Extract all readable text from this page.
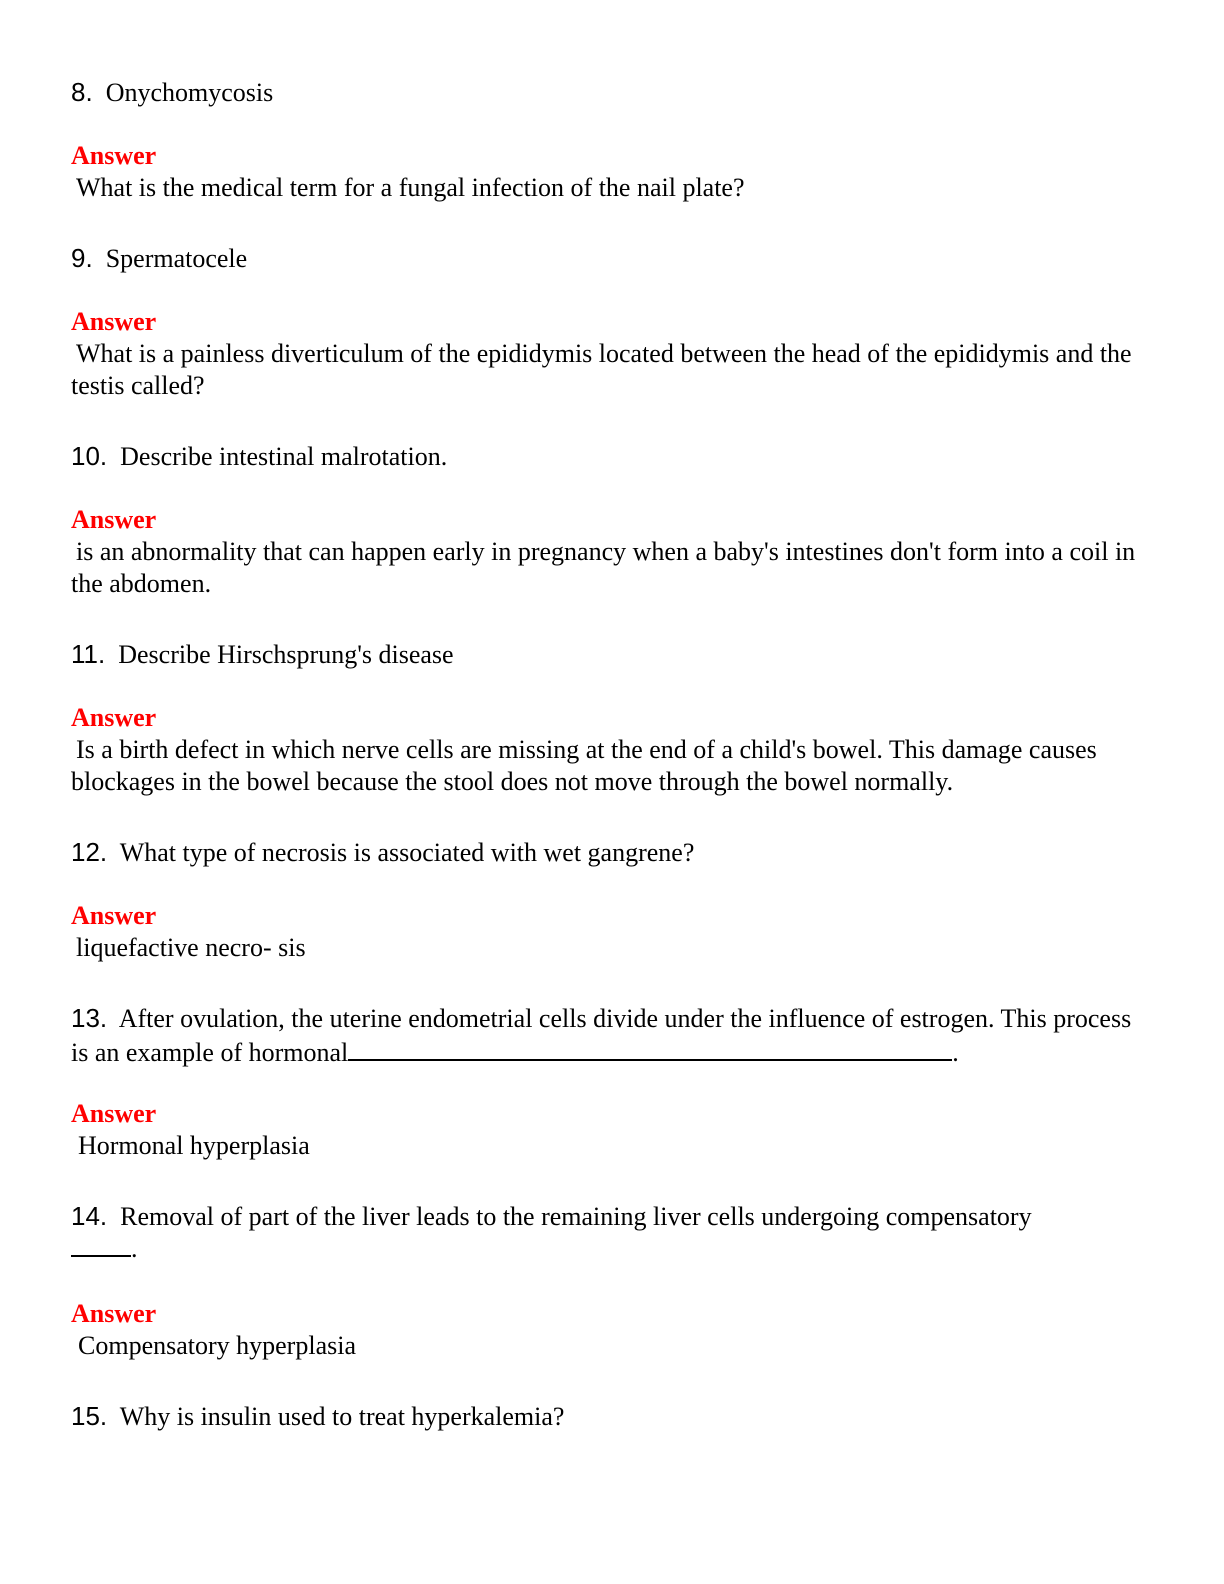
8. Onychomycosis

Answer

What is the medical term for a fungal infection of the nail plate?

9. Spermatocele

Answer

What is a painless diverticulum of the epididymis located between the head of the epididymis and the testis called?

10. Describe intestinal malrotation.

Answer

is an abnormality that can happen early in pregnancy when a baby's intestines don't form into a coil in the abdomen.

11. Describe Hirschsprung's disease

Answer

Is a birth defect in which nerve cells are missing at the end of a child's bowel. This damage causes blockages in the bowel because the stool does not move through the bowel normally.

12. What type of necrosis is associated with wet gangrene?

Answer

liquefactive necro- sis

13. After ovulation, the uterine endometrial cells divide under the influence of estrogen. This process is an example of hormonal	.

Answer

Hormonal hyperplasia

14. Removal of part of the liver leads to the remaining liver cells undergoing compensatory
.

Answer

Compensatory hyperplasia

15. Why is insulin used to treat hyperkalemia?
